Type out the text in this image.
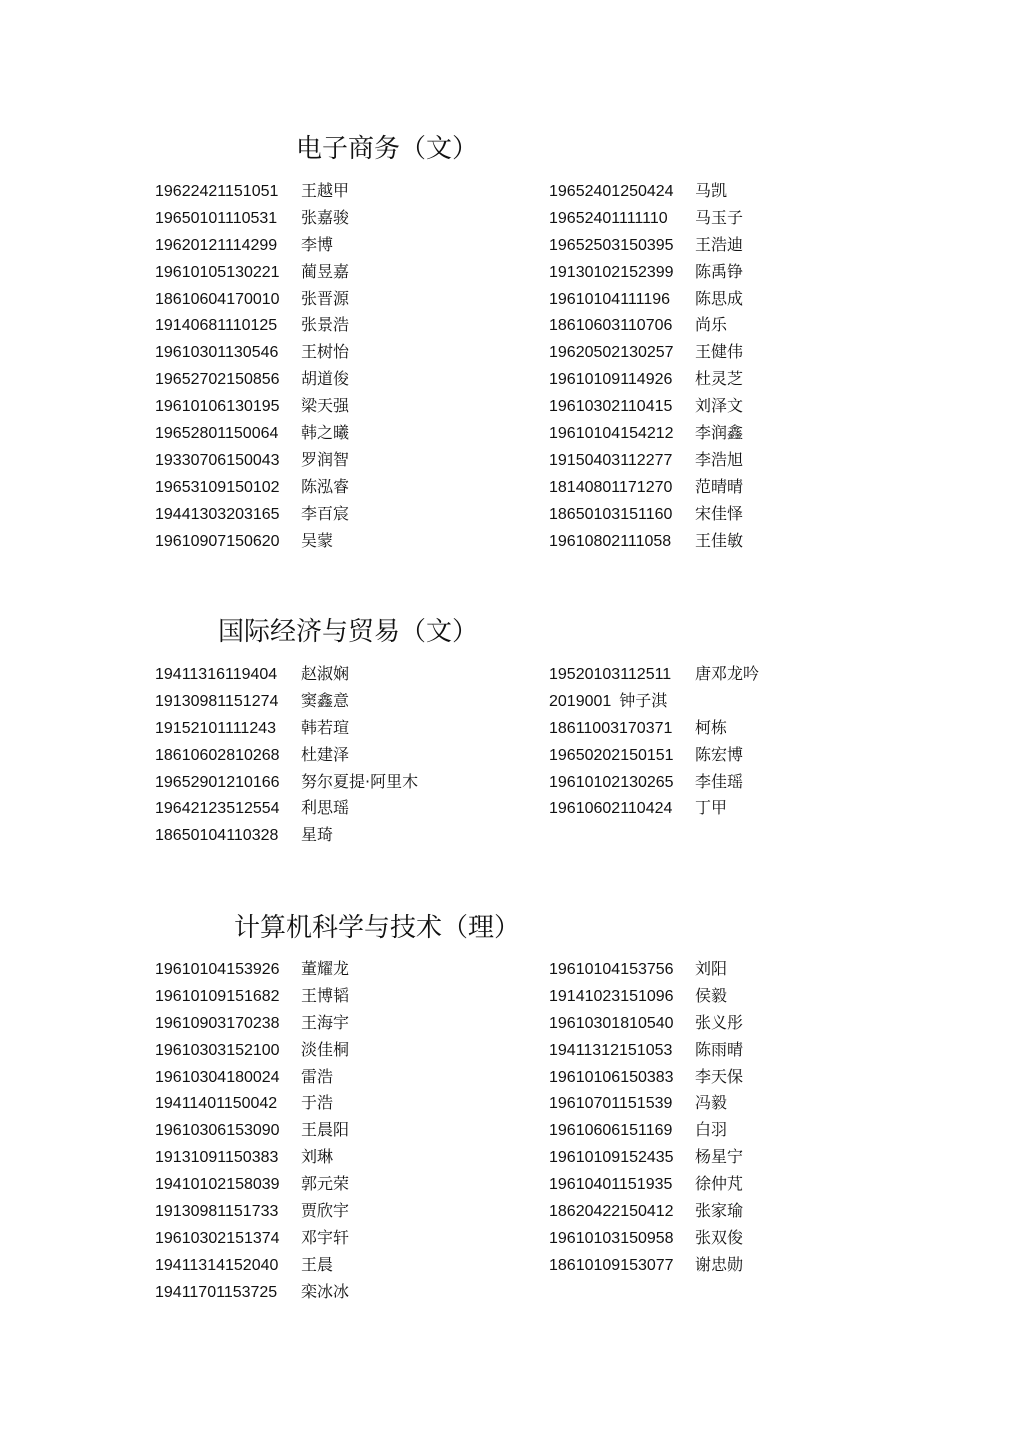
电子商务（文）
19622421151051 王越甲
19650101110531 张嘉骏
19620121114299 李博
19610105130221 蔺昱嘉
18610604170010 张晋源
19140681110125 张景浩
19610301130546 王树怡
19652702150856 胡道俊
19610106130195 梁天强
19652801150064 韩之曦
19330706150043 罗润智
19653109150102 陈泓睿
19441303203165 李百宸
19610907150620 吴蒙
19652401250424 马凯
19652401111110 马玉子
19652503150395 王浩迪
19130102152399 陈禹铮
19610104111196 陈思成
18610603110706 尚乐
19620502130257 王健伟
19610109114926 杜灵芝
19610302110415 刘泽文
19610104154212 李润鑫
19150403112277 李浩旭
18140801171270 范晴晴
18650103151160 宋佳怿
19610802111058 王佳敏
国际经济与贸易（文）
19411316119404 赵淑娴
19130981151274 窦鑫意
19152101111243 韩若瑄
18610602810268 杜建泽
19652901210166 努尔夏提·阿里木
19642123512554 利思瑶
18650104110328 星琦
19520103112511 唐邓龙吟
2019001 钟子淇
18611003170371 柯栋
19650202150151 陈宏博
19610102130265 李佳瑶
19610602110424 丁甲
计算机科学与技术（理）
19610104153926 董耀龙
19610109151682 王博韬
19610903170238 王海宇
19610303152100 淡佳桐
19610304180024 雷浩
19411401150042 于浩
19610306153090 王晨阳
19131091150383 刘琳
19410102158039 郭元荣
19130981151733 贾欣宇
19610302151374 邓宇轩
19411314152040 王晨
19411701153725 栾冰冰
19610104153756 刘阳
19141023151096 侯毅
19610301810540 张义彤
19411312151053 陈雨晴
19610106150383 李天保
19610701151539 冯毅
19610606151169 白羽
19610109152435 杨星宁
19610401151935 徐仲芃
18620422150412 张家瑜
19610103150958 张双俊
18610109153077 谢忠勋
